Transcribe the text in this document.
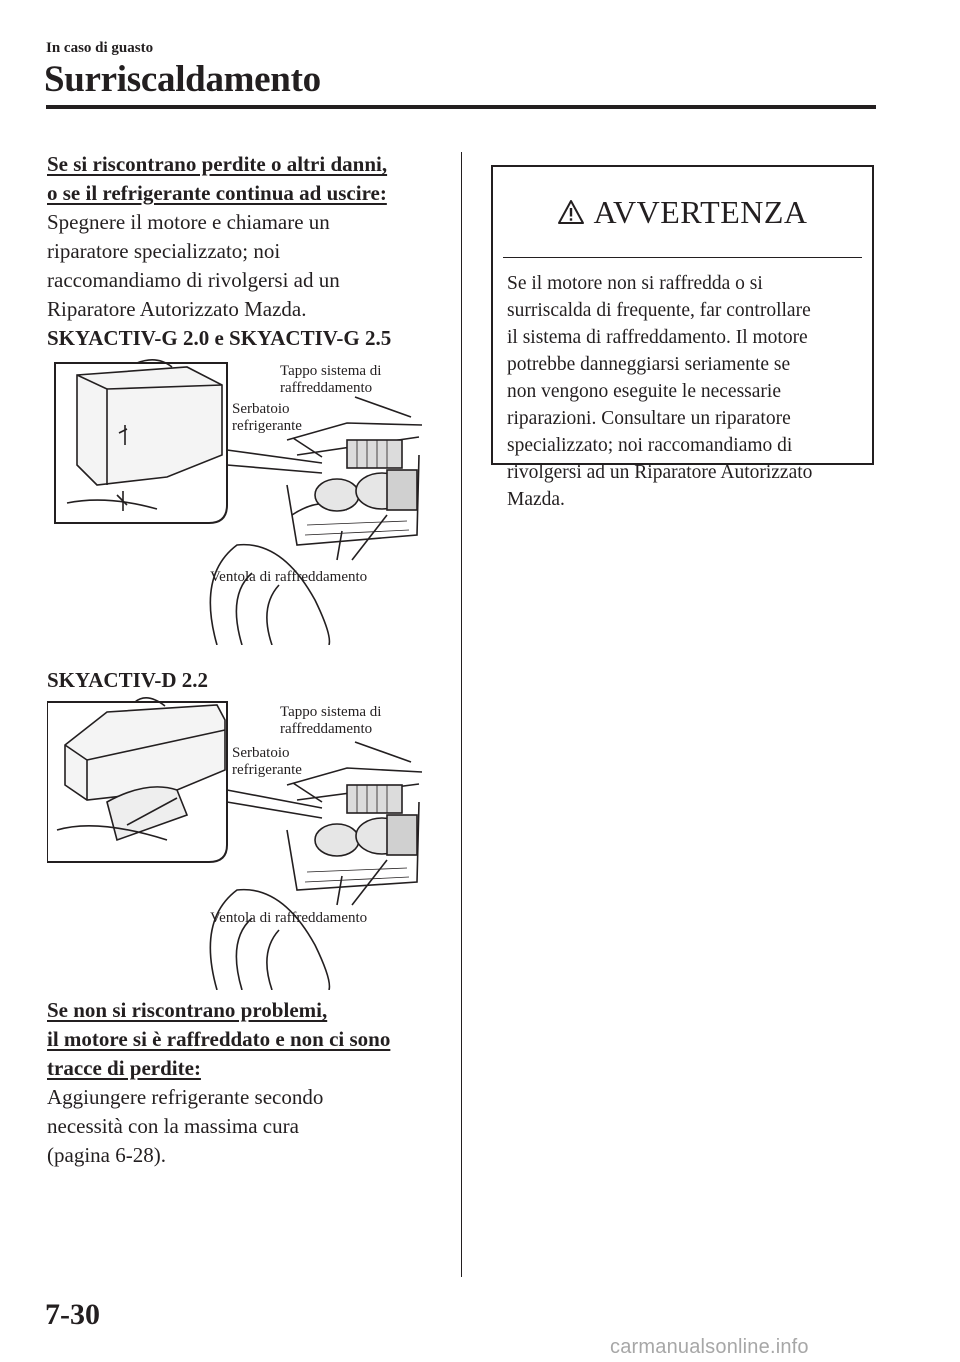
In caso di guasto
Surriscaldamento
Se si riscontrano perdite o altri danni,
o se il refrigerante continua ad uscire:
Spegnere il motore e chiamare un
riparatore specializzato; noi
raccomandiamo di rivolgersi ad un
Riparatore Autorizzato Mazda.
SKYACTIV-G 2.0 e SKYACTIV-G 2.5
Tappo sistema di
raffreddamento
Serbatoio
refrigerante
Ventola di raffreddamento
SKYACTIV-D 2.2
Tappo sistema di
raffreddamento
Serbatoio
refrigerante
Ventola di raffreddamento
Se non si riscontrano problemi,
il motore si è raffreddato e non ci sono
tracce di perdite:
Aggiungere refrigerante secondo
necessità con la massima cura
(pagina 6-28).
AVVERTENZA
Se il motore non si raffredda o si
surriscalda di frequente, far controllare
il sistema di raffreddamento. Il motore
potrebbe danneggiarsi seriamente se
non vengono eseguite le necessarie
riparazioni. Consultare un riparatore
specializzato; noi raccomandiamo di
rivolgersi ad un Riparatore Autorizzato
Mazda.
7-30
carmanualsonline.info
